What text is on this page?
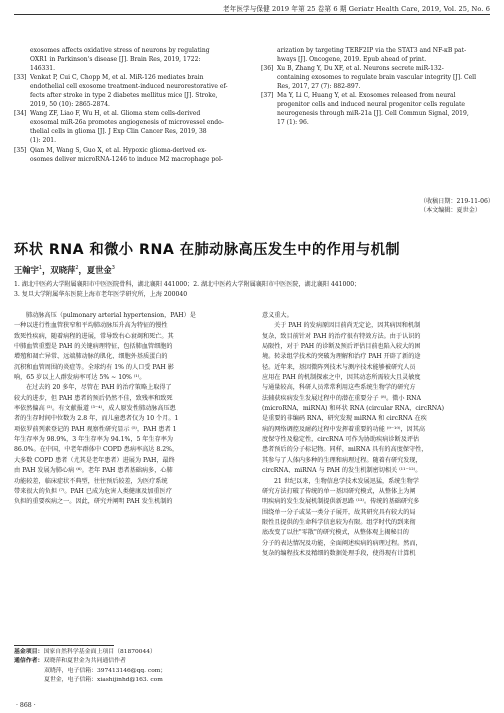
老年医学与保健 2019 年第 25 卷第 6 期 Geriatr Health Care, 2019, Vol. 25, No. 6
exosomes affects oxidative stress of neurons by regulating
OXR1 in Parkinson's disease [J]. Brain Res, 2019, 1722:
146331.
[33] Venkat P, Cui C, Chopp M, et al. MiR-126 mediates brain
endothelial cell exosome treatment-induced neurorestorative ef-
fects after stroke in type 2 diabetes mellitus mice [J]. Stroke,
2019, 50 (10): 2865-2874.
[34] Wang ZF, Liao F, Wu H, et al. Glioma stem cells-derived
exosomal miR-26a promotes angiogenesis of microvessel endo-
thelial cells in glioma [J]. J Exp Clin Cancer Res, 2019, 38
(1): 201.
[35] Qian M, Wang S, Guo X, et al. Hypoxic glioma-derived ex-
osomes deliver microRNA-1246 to induce M2 macrophage pol-
arization by targeting TERF2IP via the STAT3 and NF-κB pat-
hways [J]. Oncogene, 2019. Epub ahead of print.
[36] Xu B, Zhang Y, Du XF, et al. Neurons secrete miR-132-
containing exosomes to regulate brain vascular integrity [J]. Cell
Res, 2017, 27 (7): 882-897.
[37] Ma Y, Li C, Huang Y, et al. Exosomes released from neural
progenitor cells and induced neural progenitor cells regulate
neurogenesis through miR-21a [J]. Cell Commun Signal, 2019,
17 (1): 96.
（收稿日期：219-11-06）
（本文编辑：夏世金）
环状 RNA 和微小 RNA 在肺动脉高压发生中的作用与机制
王翰宇$^1$，双晓萍$^2$，夏世金$^3$
1. 湖北中医药大学附属襄阳市中医医院骨科，湖北襄阳 441000；2. 湖北中医药大学附属襄阳市中医医院，湖北襄阳 441000；
3. 复旦大学附属华东医院上海市老年医学研究所，上海 200040
肺动脉高压（pulmonary arterial hypertension，PAH）是
一种以进行性血管狭窄和平均肺动脉压升高为特征的慢性
致死性疾病，随着病程的进展，常导致右心衰竭和死亡。其
中肺血管重塑是 PAH 的关键病理特征，包括肺血管细胞的
增殖和凋亡异常、远端肺动脉的肌化、细胞外基质蛋白的
沉积和血管周围的炎症等。全球约有 1% 的人口受 PAH 影
响，65 岁以上人群发病率可达 5% ~ 10% ⁽¹⁾。
在过去的 20 多年，尽管在 PAH 的治疗策略上取得了
较大的进步，但 PAH 患者的预后仍然不佳，致残率和致死
率依然偏高 ⁽²⁾。有文献报道 ⁽³⁻⁴⁾，成人原发性肺动脉高压患
者的生存时间中位数为 2.8 年，而儿童患者仅为 10 个月。1
项依罗前列素登记的 PAH 观察性研究显示 ⁽⁵⁾，PAH 患者 1
年生存率为 98.9%，3 年生存率为 94.1%，5 年生存率为
86.0%。在中国，中老年群体中 COPD 患病率高达 8.2%，
大多数 COPD 患者（尤其是老年患者）进展为 PAH，最终
由 PAH 发展为肺心病 ⁽⁶⁾。老年 PAH 患者基础病多，心肺
功能较差，临床症状不典型，往往预后较差，为医疗系统
带来很大的负担 ⁽⁷⁾。PAH 已成为危害人类健康及加重医疗
负担的重要疾病之一。因此，研究并阐明 PAH 发生机制的
意义重大。
关于 PAH 的发病原因目前尚无定论，因其病因和机制
复杂，致目前针对 PAH 的治疗很有特效方法。由于认识的
局限性，对于 PAH 的诊断及预后评估目前也陷入较大的困
境。转录组学技术的突破为理解和治疗 PAH 开辟了新的途
径。近年来，基因微阵列技术与测序技术能够被研究人员
应用在 PAH 的机制探索之中，因其动态所需较大且灵敏度
与通量较高，科研人员常常利用这些系统生物学的研究方
法辅获疾病发生发展过程中的潜在重要分子 ⁽⁸⁾。微小 RNA
(microRNA，miRNA) 和环状 RNA (circular RNA，circRNA)
是重要的非编码 RNA，研究发现 miRNA 和 circRNA 在疾
病的网络调控及耐药过程中发挥着重要的功能 ⁽⁹⁻¹⁰⁾，因其高
度保守性及稳定性，circRNA 可作为协助疾病诊断及评估
患者预后的分子标记物。同样，miRNA 具有的高度保守性，
其参与了人体内多种的生理和病理过程。随着有研究发现，
circRNA、miRNA 与 PAH 的发生机制密切相关 ⁽¹¹⁻¹²⁾。
21 世纪以来，生物信息学技术发展迅猛，系统生物学
研究方法打破了传统的单一基因研究模式，从整体上为阐
明疾病的发生发展机制提供新思路 ⁽¹³⁾。传统的基础研究多
围绕单一分子或某一类分子展开，故其研究具有较大的局
限性且提供的生命科学信息较为有限。组学时代的到来彻
底改变了以往"零散"的研究模式，从整体观上揭秘目的
分子的表达情况及功能，全面阐述疾病的病理过程。然而，
复杂的编程技术及精细的数据处理手段，使得现有计算机
基金项目：国家自然科学基金面上项目（81870044）
通信作者：双晓萍和夏世金为共同通信作者
双晓萍，电子信箱：397413146@qq. com；
夏世金，电子信箱：xiashijinhd@163. com
· 868 ·
